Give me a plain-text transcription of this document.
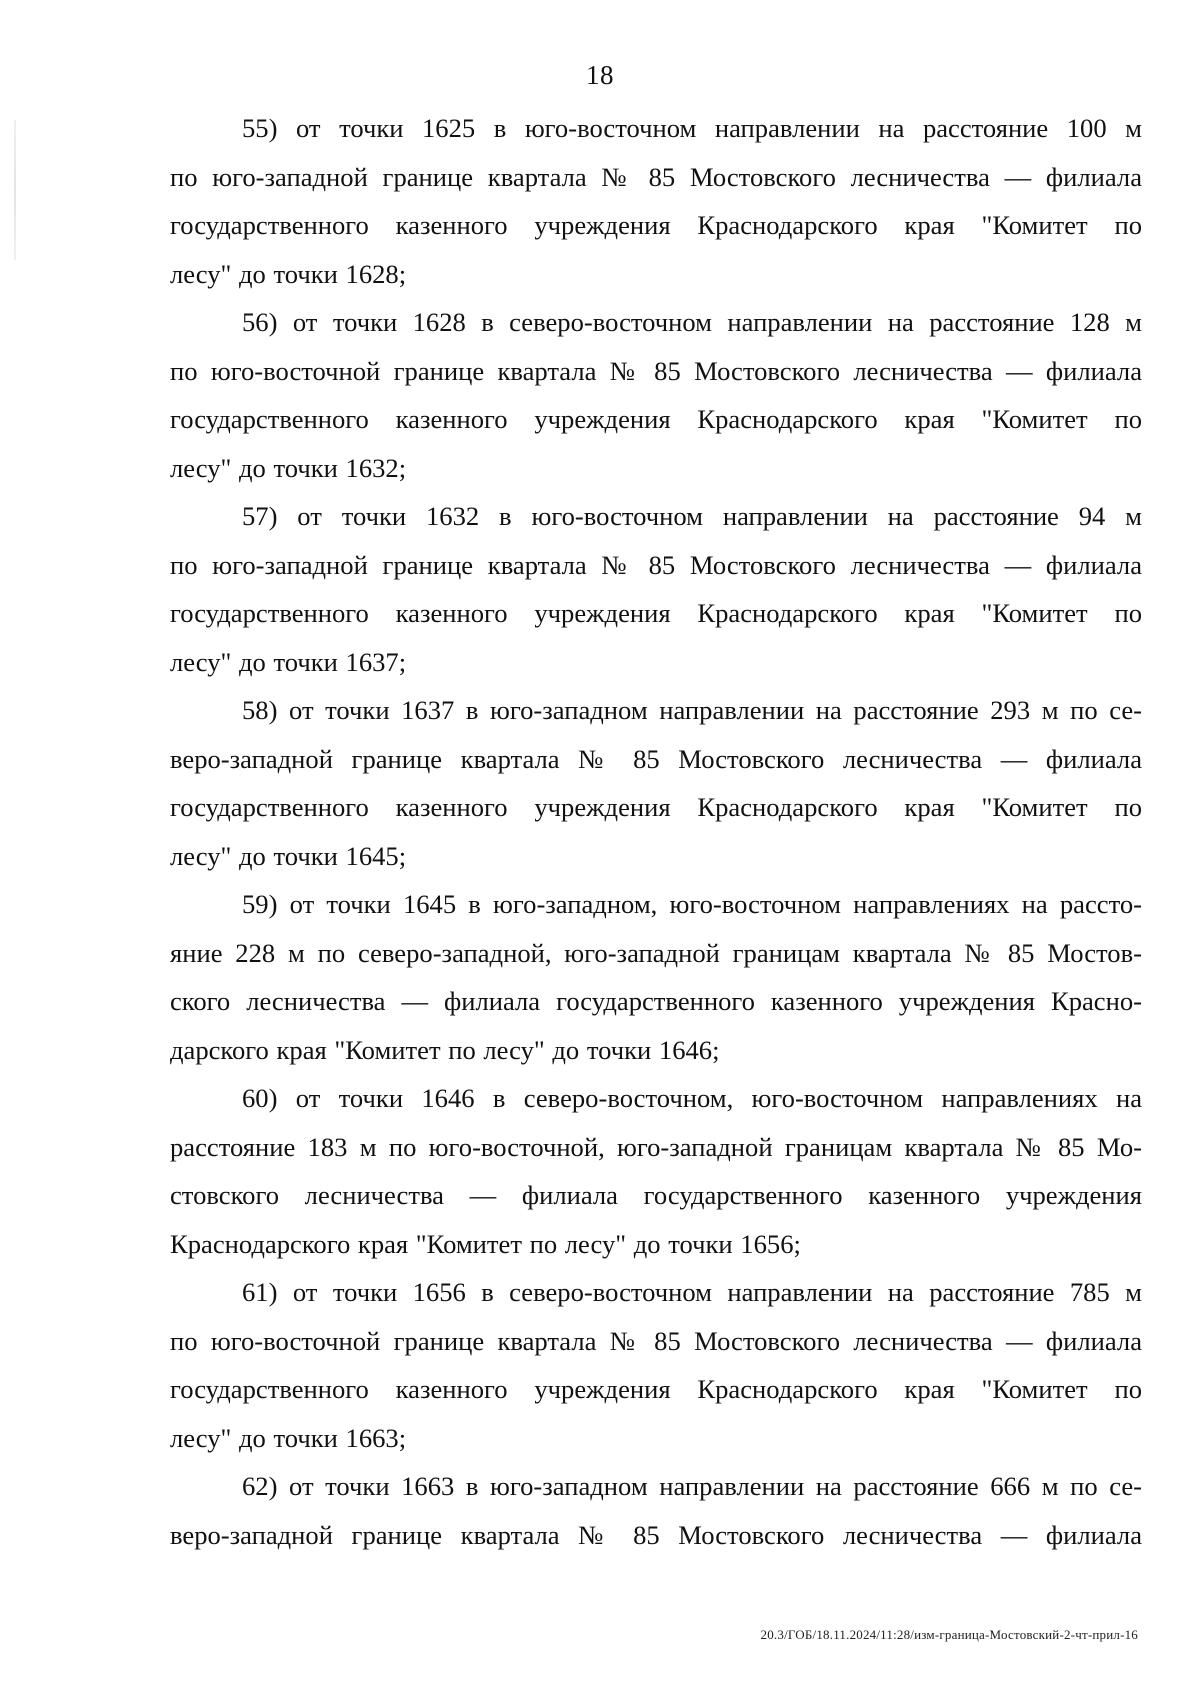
18

55) от точки 1625 в юго-восточном направлении на расстояние 100 м
по юго-западной границе квартала № 85 Мостовского лесничества — филиала
государственного казенного учреждения Краснодарского края "Комитет по
лесу" до точки 1628;

56) от точки 1628 в северо-восточном направлении на расстояние 128 м
по юго-восточной границе квартала № 85 Мостовского лесничества — филиала
государственного казенного учреждения Краснодарского края "Комитет по
лесу" до точки 1632;

57) от точки 1632 в юго-восточном направлении на расстояние 94 м
по юго-западной границе квартала № 85 Мостовского лесничества — филиала
государственного казенного учреждения Краснодарского края "Комитет по
лесу" до точки 1637;

58) от точки 1637 в юго-западном направлении на расстояние 293 м по се-
веро-западной границе квартала № 85 Мостовского лесничества — филиала
государственного казенного учреждения Краснодарского края "Комитет по
лесу" до точки 1645;

59) от точки 1645 в юго-западном, юго-восточном направлениях на рассто-
яние 228 м по северо-западной, юго-западной границам квартала № 85 Мостов-
ского лесничества — филиала государственного казенного учреждения Красно-
дарского края "Комитет по лесу" до точки 1646;

60) от точки 1646 в северо-восточном, юго-восточном направлениях на
расстояние 183 м по юго-восточной, юго-западной границам квартала № 85 Мо-
стовского лесничества — филиала государственного казенного учреждения
Краснодарского края "Комитет по лесу" до точки 1656;

61) от точки 1656 в северо-восточном направлении на расстояние 785 м
по юго-восточной границе квартала № 85 Мостовского лесничества — филиала
государственного казенного учреждения Краснодарского края "Комитет по
лесу" до точки 1663;

62) от точки 1663 в юго-западном направлении на расстояние 666 м по се-
веро-западной границе квартала № 85 Мостовского лесничества — филиала

20.3/ГОБ/18.11.2024/11:28/изм-граница-Мостовский-2-чт-прил-16
